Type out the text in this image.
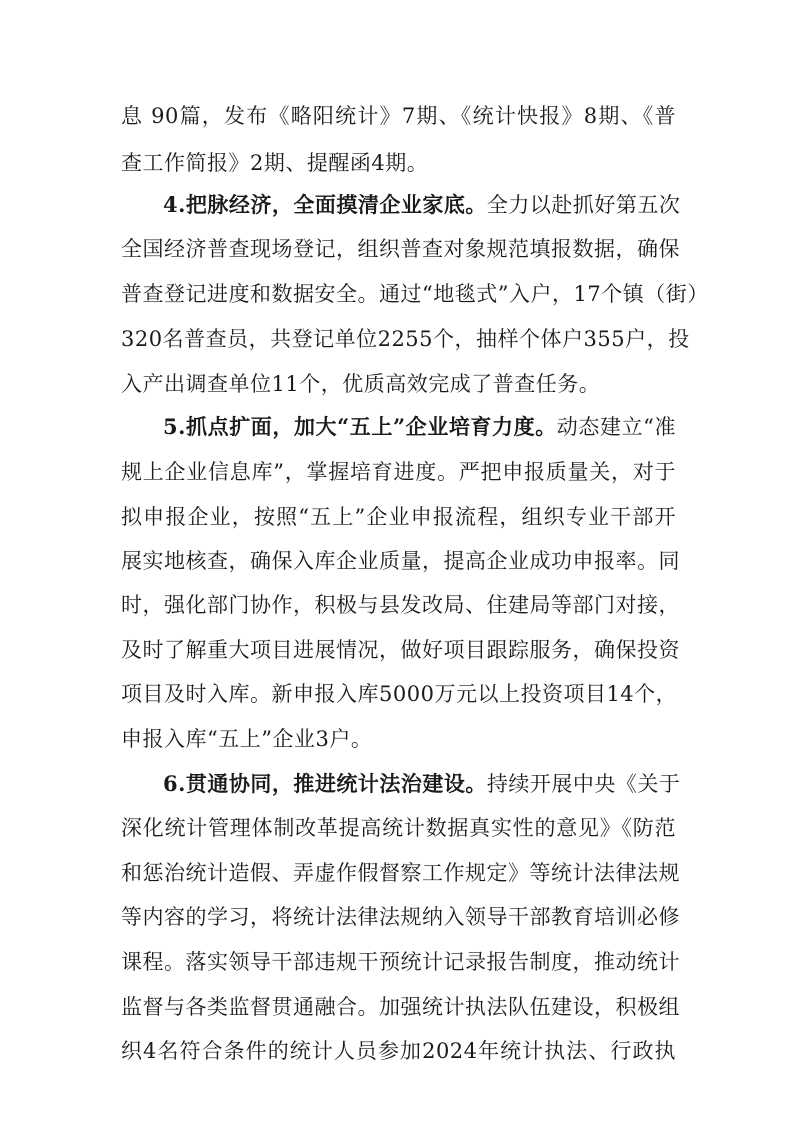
息 90篇，发布《略阳统计》7期、《统计快报》8期、《普
查工作简报》2期、提醒函4期。
4.把脉经济，全面摸清企业家底。全力以赴抓好第五次
全国经济普查现场登记，组织普查对象规范填报数据，确保
普查登记进度和数据安全。通过“地毯式”入户，17个镇（街）
320名普查员，共登记单位2255个，抽样个体户355户，投
入产出调查单位11个，优质高效完成了普查任务。
5.抓点扩面，加大“五上”企业培育力度。动态建立“准
规上企业信息库”，掌握培育进度。严把申报质量关，对于
拟申报企业，按照“五上”企业申报流程，组织专业干部开
展实地核查，确保入库企业质量，提高企业成功申报率。同
时，强化部门协作，积极与县发改局、住建局等部门对接，
及时了解重大项目进展情况，做好项目跟踪服务，确保投资
项目及时入库。新申报入库5000万元以上投资项目14个，
申报入库“五上”企业3户。
6.贯通协同，推进统计法治建设。持续开展中央《关于
深化统计管理体制改革提高统计数据真实性的意见》《防范
和惩治统计造假、弄虚作假督察工作规定》等统计法律法规
等内容的学习，将统计法律法规纳入领导干部教育培训必修
课程。落实领导干部违规干预统计记录报告制度，推动统计
监督与各类监督贯通融合。加强统计执法队伍建设，积极组
织4名符合条件的统计人员参加2024年统计执法、行政执
